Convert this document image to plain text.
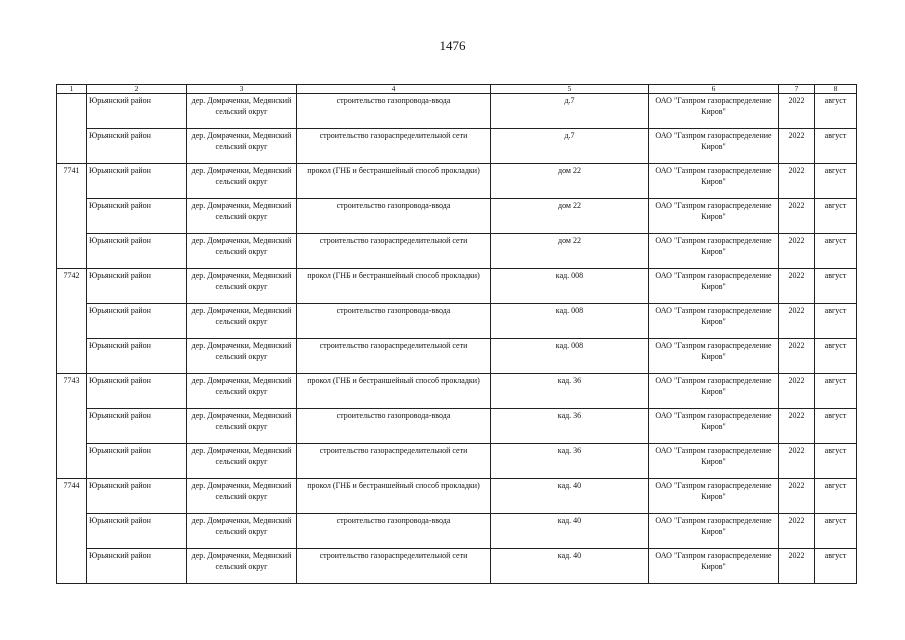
1476
1	2	3	4	5	6	7	8
	Юрьянский район	дер. Домраченки, Медянский сельский округ	строительство газопровода-ввода	д.7	ОАО "Газпром газораспределение Киров"	2022	август
	Юрьянский район	дер. Домраченки, Медянский сельский округ	строительство газораспределительной сети	д.7	ОАО "Газпром газораспределение Киров"	2022	август
7741	Юрьянский район	дер. Домраченки, Медянский сельский округ	прокол (ГНБ и бестраншейный способ прокладки)	дом 22	ОАО "Газпром газораспределение Киров"	2022	август
	Юрьянский район	дер. Домраченки, Медянский сельский округ	строительство газопровода-ввода	дом 22	ОАО "Газпром газораспределение Киров"	2022	август
	Юрьянский район	дер. Домраченки, Медянский сельский округ	строительство газораспределительной сети	дом 22	ОАО "Газпром газораспределение Киров"	2022	август
7742	Юрьянский район	дер. Домраченки, Медянский сельский округ	прокол (ГНБ и бестраншейный способ прокладки)	кад. 008	ОАО "Газпром газораспределение Киров"	2022	август
	Юрьянский район	дер. Домраченки, Медянский сельский округ	строительство газопровода-ввода	кад. 008	ОАО "Газпром газораспределение Киров"	2022	август
	Юрьянский район	дер. Домраченки, Медянский сельский округ	строительство газораспределительной сети	кад. 008	ОАО "Газпром газораспределение Киров"	2022	август
7743	Юрьянский район	дер. Домраченки, Медянский сельский округ	прокол (ГНБ и бестраншейный способ прокладки)	кад. 36	ОАО "Газпром газораспределение Киров"	2022	август
	Юрьянский район	дер. Домраченки, Медянский сельский округ	строительство газопровода-ввода	кад. 36	ОАО "Газпром газораспределение Киров"	2022	август
	Юрьянский район	дер. Домраченки, Медянский сельский округ	строительство газораспределительной сети	кад. 36	ОАО "Газпром газораспределение Киров"	2022	август
7744	Юрьянский район	дер. Домраченки, Медянский сельский округ	прокол (ГНБ и бестраншейный способ прокладки)	кад. 40	ОАО "Газпром газораспределение Киров"	2022	август
	Юрьянский район	дер. Домраченки, Медянский сельский округ	строительство газопровода-ввода	кад. 40	ОАО "Газпром газораспределение Киров"	2022	август
	Юрьянский район	дер. Домраченки, Медянский сельский округ	строительство газораспределительной сети	кад. 40	ОАО "Газпром газораспределение Киров"	2022	август
